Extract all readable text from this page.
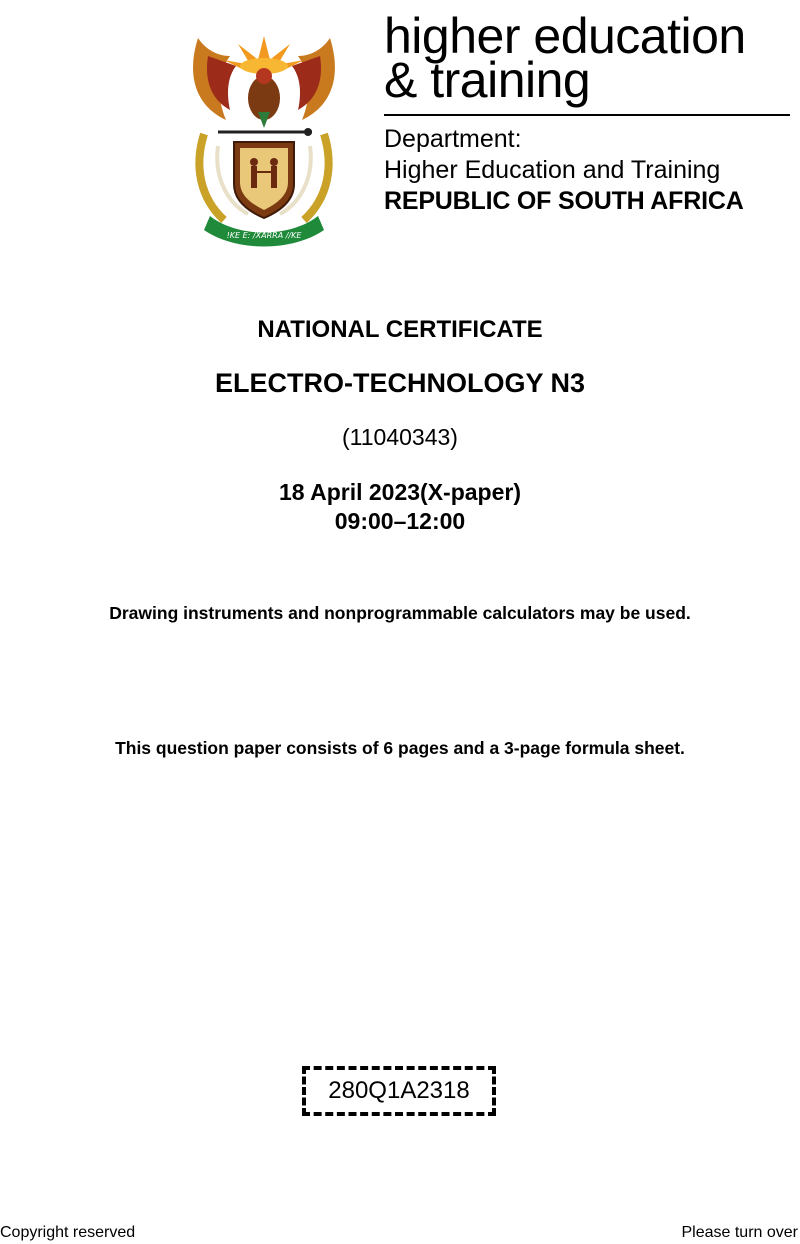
!KE E: /XARRA //KE
higher education
& training
Department:
Higher Education and Training
REPUBLIC OF SOUTH AFRICA
NATIONAL CERTIFICATE
ELECTRO-TECHNOLOGY N3
(11040343)
18 April 2023(X-paper)
09:00–12:00
Drawing instruments and nonprogrammable calculators may be used.
This question paper consists of 6 pages and a 3-page formula sheet.
280Q1A2318
Copyright reserved	Please turn over
